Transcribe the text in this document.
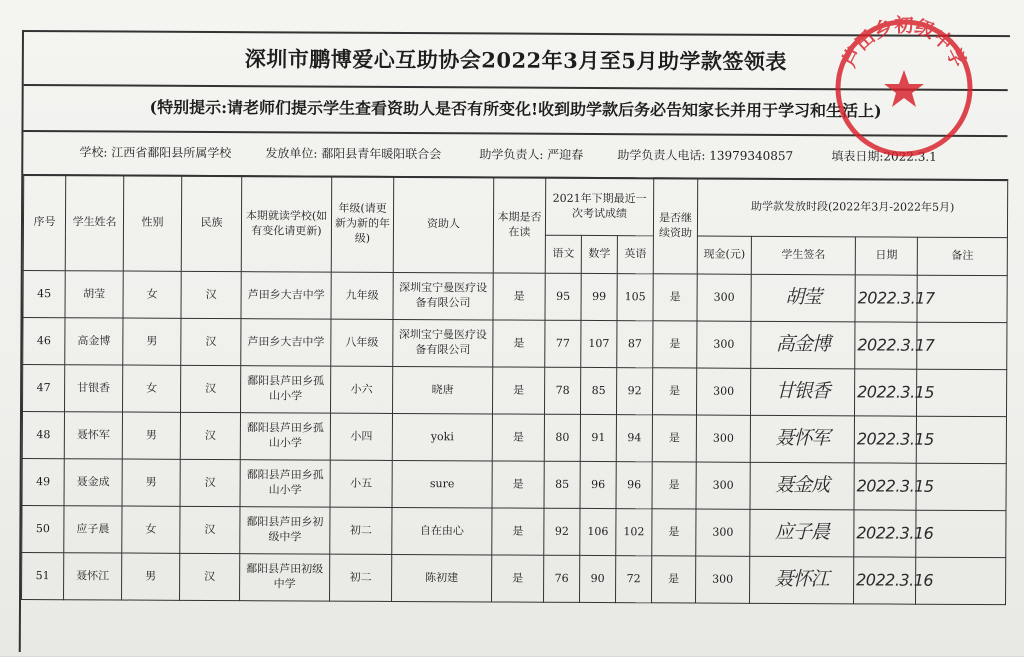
深圳市鹏博爱心互助协会2022年3月至5月助学款签领表
(特别提示:请老师们提示学生查看资助人是否有所变化!收到助学款后务必告知家长并用于学习和生活上)
学校: 江西省鄱阳县所属学校	发放单位: 鄱阳县青年暖阳联合会	助学负责人: 严迎春	助学负责人电话: 13979340857	填表日期:2022.3.1
序号	学生姓名	性别	民族	本期就读学校(如有变化请更新)	年级(请更新为新的年级)	资助人	本期是否在读	2021年下期最近一次考试成绩			是否继续资助	助学款发放时段(2022年3月-2022年5月)			
								语文	数学	英语		现金(元)	学生签名	日期	备注
45	胡莹	女	汉	芦田乡大吉中学	九年级	深圳宝宁曼医疗设备有限公司	是	95	99	105	是	300	胡莹	2022.3.17	
46	高金博	男	汉	芦田乡大吉中学	八年级	深圳宝宁曼医疗设备有限公司	是	77	107	87	是	300	高金博	2022.3.17	
47	甘银香	女	汉	鄱阳县芦田乡孤山小学	小六	晓唐	是	78	85	92	是	300	甘银香	2022.3.15	
48	聂怀军	男	汉	鄱阳县芦田乡孤山小学	小四	yoki	是	80	91	94	是	300	聂怀军	2022.3.15	
49	聂金成	男	汉	鄱阳县芦田乡孤山小学	小五	sure	是	85	96	96	是	300	聂金成	2022.3.15	
50	应子晨	女	汉	鄱阳县芦田乡初级中学	初二	自在由心	是	92	106	102	是	300	应子晨	2022.3.16	
51	聂怀江	男	汉	鄱阳县芦田初级中学	初二	陈初建	是	76	90	72	是	300	聂怀江	2022.3.16	
芦田乡初级中学
